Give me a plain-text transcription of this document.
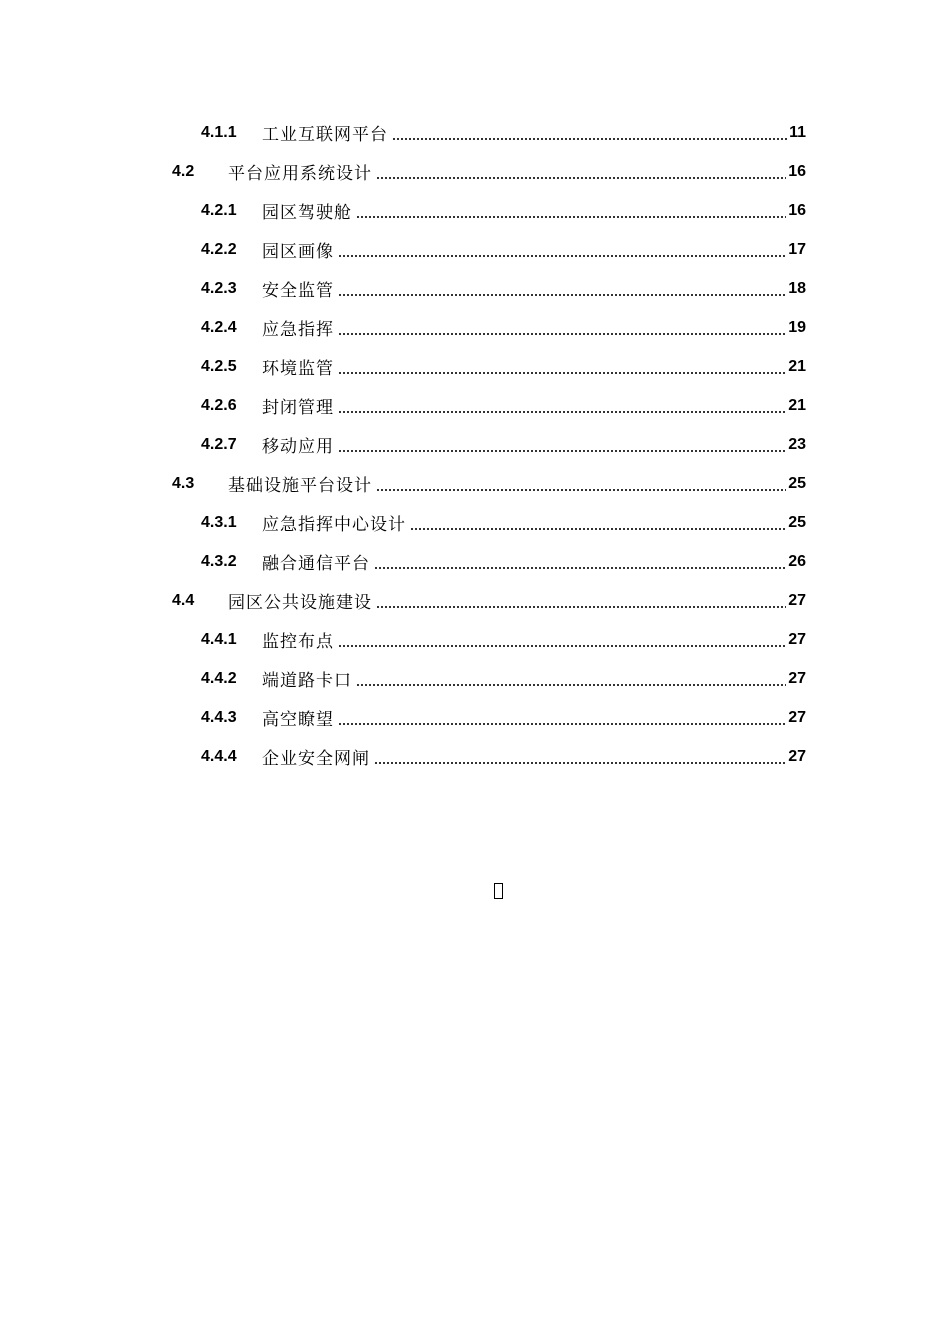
4.1.1	工业互联网平台	11
4.2	平台应用系统设计	16
4.2.1	园区驾驶舱	16
4.2.2	园区画像	17
4.2.3	安全监管	18
4.2.4	应急指挥	19
4.2.5	环境监管	21
4.2.6	封闭管理	21
4.2.7	移动应用	23
4.3	基础设施平台设计	25
4.3.1	应急指挥中心设计	25
4.3.2	融合通信平台	26
4.4	园区公共设施建设	27
4.4.1	监控布点	27
4.4.2	端道路卡口	27
4.4.3	高空瞭望	27
4.4.4	企业安全网闸	27
